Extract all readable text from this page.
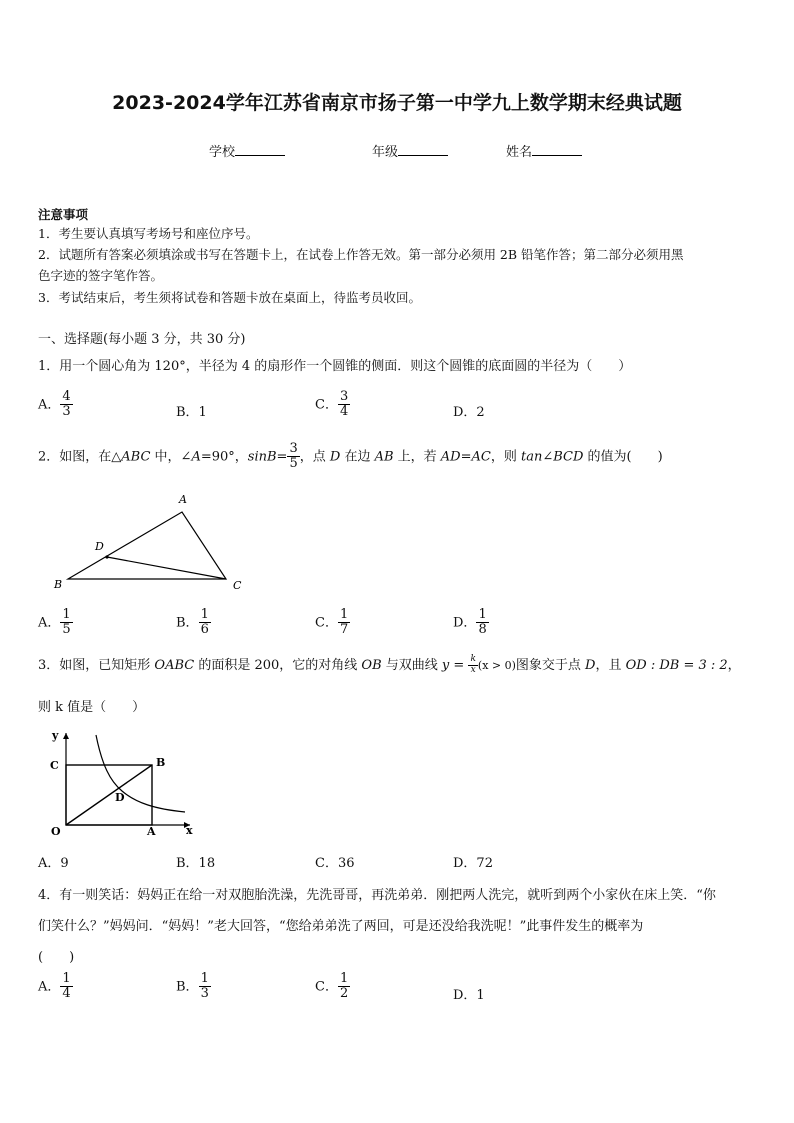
2023-2024学年江苏省南京市扬子第一中学九上数学期末经典试题
学校	年级	姓名
注意事项
1．考生要认真填写考场号和座位序号。
2．试题所有答案必须填涂或书写在答题卡上，在试卷上作答无效。第一部分必须用 2B 铅笔作答；第二部分必须用黑
色字迹的签字笔作答。
3．考试结束后，考生须将试卷和答题卡放在桌面上，待监考员收回。
一、选择题(每小题 3 分，共 30 分)
1．用一个圆心角为 120°，半径为 4 的扇形作一个圆锥的侧面．则这个圆锥的底面圆的半径为（　　）
A． $\frac{4}{3}$	B．1
C． $\frac{3}{4}$	D．2
2．如图，在△ABC 中，∠A=90°，$\sin B= \frac{3}{5}$ ，点 D 在边 AB 上，若 AD=AC，则 tan∠BCD 的值为(　　)
A
B	C
D
A． $\frac{1}{5}$	B． $\frac{1}{6}$	C． $\frac{1}{7}$	D． $\frac{1}{8}$
3．如图，已知矩形 OABC 的面积是 200，它的对角线 OB 与双曲线 $y = \frac{k}{x} (x > 0)$图象交于点 D，且 OD : DB = 3 : 2，
则 k 值是（　　）
y
x
C	B
D
O	A
A．9	B．18	C．36	D．72
4．有一则笑话：妈妈正在给一对双胞胎洗澡，先洗哥哥，再洗弟弟．刚把两人洗完，就听到两个小家伙在床上笑．“你
们笑什么？”妈妈问．“妈妈！”老大回答，“您给弟弟洗了两回，可是还没给我洗呢！”此事件发生的概率为
(　　)
A． $\frac{1}{4}$	B． $\frac{1}{3}$	C． $\frac{1}{2}$	D．1
